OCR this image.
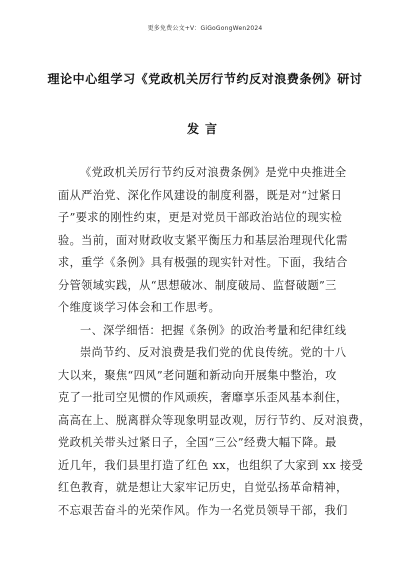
更多免费公文+V：GiGoGongWen2024
理论中心组学习《党政机关厉行节约反对浪费条例》研讨
发言
《党政机关厉行节约反对浪费条例》是党中央推进全
面从严治党、深化作风建设的制度利器，既是对“过紧日
子”要求的刚性约束，更是对党员干部政治站位的现实检
验。当前，面对财政收支紧平衡压力和基层治理现代化需
求，重学《条例》具有极强的现实针对性。下面，我结合
分管领域实践，从“思想破冰、制度破局、监督破题”三
个维度谈学习体会和工作思考。
一、深学细悟：把握《条例》的政治考量和纪律红线
崇尚节约、反对浪费是我们党的优良传统。党的十八
大以来，聚焦“四风”老问题和新动向开展集中整治，攻
克了一批司空见惯的作风顽疾，奢靡享乐歪风基本刹住，
高高在上、脱离群众等现象明显改观，厉行节约、反对浪费，
党政机关带头过紧日子，全国“三公”经费大幅下降。最
近几年，我们县里打造了红色 xx，也组织了大家到 xx 接受
红色教育，就是想让大家牢记历史，自觉弘扬革命精神，
不忘艰苦奋斗的光荣作风。作为一名党员领导干部，我们
